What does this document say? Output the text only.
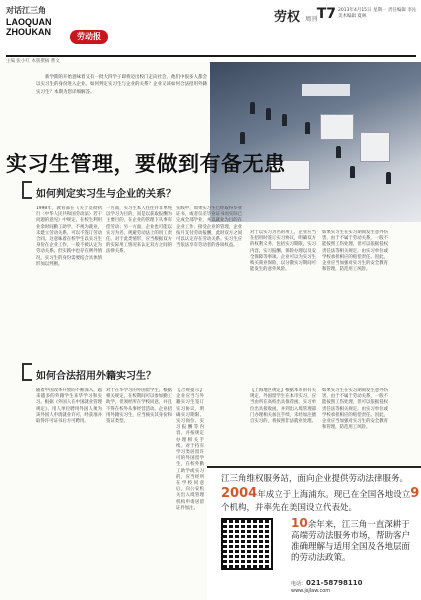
对话江三角
LAOQUAN
ZHOUKAN	劳动报
劳权 周刊 T7 2013年4月15日 星期一 责任编辑 李沁 美术编辑 夏林
主编 张小红 本版撰稿 曹文
新学期的开始意味着又有一批大四学子即将迈出校门走向社会，他们中很多人都会以实习生的身份进入企业。如何判定实习生与企业的关系？企业又该如何合法招用外籍实习生？本期为您详细解答。
实习生管理，要做到有备无患
如何判定实习生与企业的关系？
1998年，教育部在《关于贯彻执行〈中华人民共和国劳动法〉若干问题的意见》中规定，在校生利用业余时间勤工助学，不视为就业，未建立劳动关系，可以不签订劳动合同。这意味着在校学生以实习生身份在企业工作，一般不被认定为劳动关系。但实践中也存在例外情况，实习生的身份需要结合具体情形加以判断。
一方面，实习生本人往往并非单纯以学习为目的，而是以获取报酬为主要目的，在企业的管理下从事有偿劳动；另一方面，企业也可能以实习为名，规避劳动法上的用工责任。对于此类情形，应当根据双方的实际用工情况来认定双方之间的法律关系。
实践中，如果实习生已经取得毕业证书，或者仅差毕业证书而实际已完成全部学业，并以就业为目的在企业工作，接受企业的管理，企业按月支付劳动报酬，此时双方之间可以认定存在劳动关系。实习生应当依法享有劳动者的各项权益。
对于以实习为名的用工，企业应当在招用时签订实习协议，明确双方的权利义务，包括实习期限、实习内容、实习报酬、保险办理以及安全保障等事项。企业可以为实习生购买商业保险，以分散实习期间可能发生的意外风险。
如果实习生在实习期间发生意外伤害，由于不属于劳动关系，一般不能按照工伤处理，但可以依据侵权责任法等相关规定，由实习单位或学校承担相应的赔偿责任。因此，企业应当加强对实习生的安全教育和管理，防范用工风险。
如何合法招用外籍实习生？
随着中国改革开放的不断深入，越来越多的外籍学生来华学习和实习。根据《外国人在中国就业管理规定》，用人单位聘用外国人须为该外国人申请就业许可，经获准并取得许可证书后方可聘用。
对于在华学习的外国留学生，根据相关规定，在校期间可以参加勤工助学，但须经所在学校同意，并且不得在校外从事经营活动。企业招用外籍实习生，应当核实其身份和签证类型。
【合规提示】企业应当与外籍实习生签订实习协议，明确实习期限、实习岗位、实习报酬等内容，并按规定办理相关手续。对于持有学习类居留许可的外国留学生，在校外勤工助学或实习的，应当经所在学校同意后，向公安机关出入境管理机构申请居留证件加注。
【上海地区规定】根据本市的有关规定，外国留学生在本市实习，应当由所在高校出具推荐函，实习单位出具接收函，并到出入境管理部门办理相关加注手续，未经加注擅自实习的，将按照非法就业处理。
如果实习生在实习期间发生意外伤害，由于不属于劳动关系，一般不能按照工伤处理，但可以依据侵权责任法等相关规定，由实习单位或学校承担相应的赔偿责任。因此，企业应当加强对实习生的安全教育和管理，防范用工风险。
江三角维权服务站，面向企业提供劳动法律服务。
2004年成立于上海浦东。现已在全国各地设立9个机构，并率先在美国设立代表处。
10余年来，江三角一直深耕于高端劳动法服务市场，帮助客户准确理解与适用全国及各地层面的劳动法政策。
电话：021-58798110
www.jsjlaw.com
